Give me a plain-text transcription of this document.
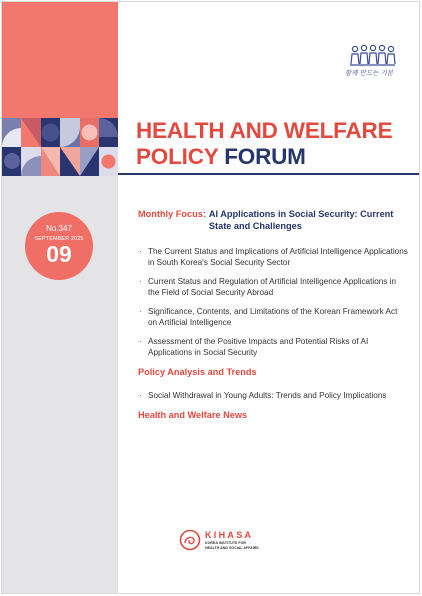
No.347
SEPTEMBER 2025
09
함께 만드는 기분
HEALTH AND WELFARE
POLICY FORUM
Monthly Focus: AI Applications in Social Security: Current State and Challenges
· The Current Status and Implications of Artificial Intelligence Applications in South Korea's Social Security Sector
· Current Status and Regulation of Artificial Intelligence Applications in the Field of Social Security Abroad
· Significance, Contents, and Limitations of the Korean Framework Act on Artificial Intelligence
· Assessment of the Positive Impacts and Potential Risks of AI Applications in Social Security
Policy Analysis and Trends
· Social Withdrawal in Young Adults: Trends and Policy Implications
Health and Welfare News
KIHASA
KOREA INSTITUTE FOR
HEALTH AND SOCIAL AFFAIRS
